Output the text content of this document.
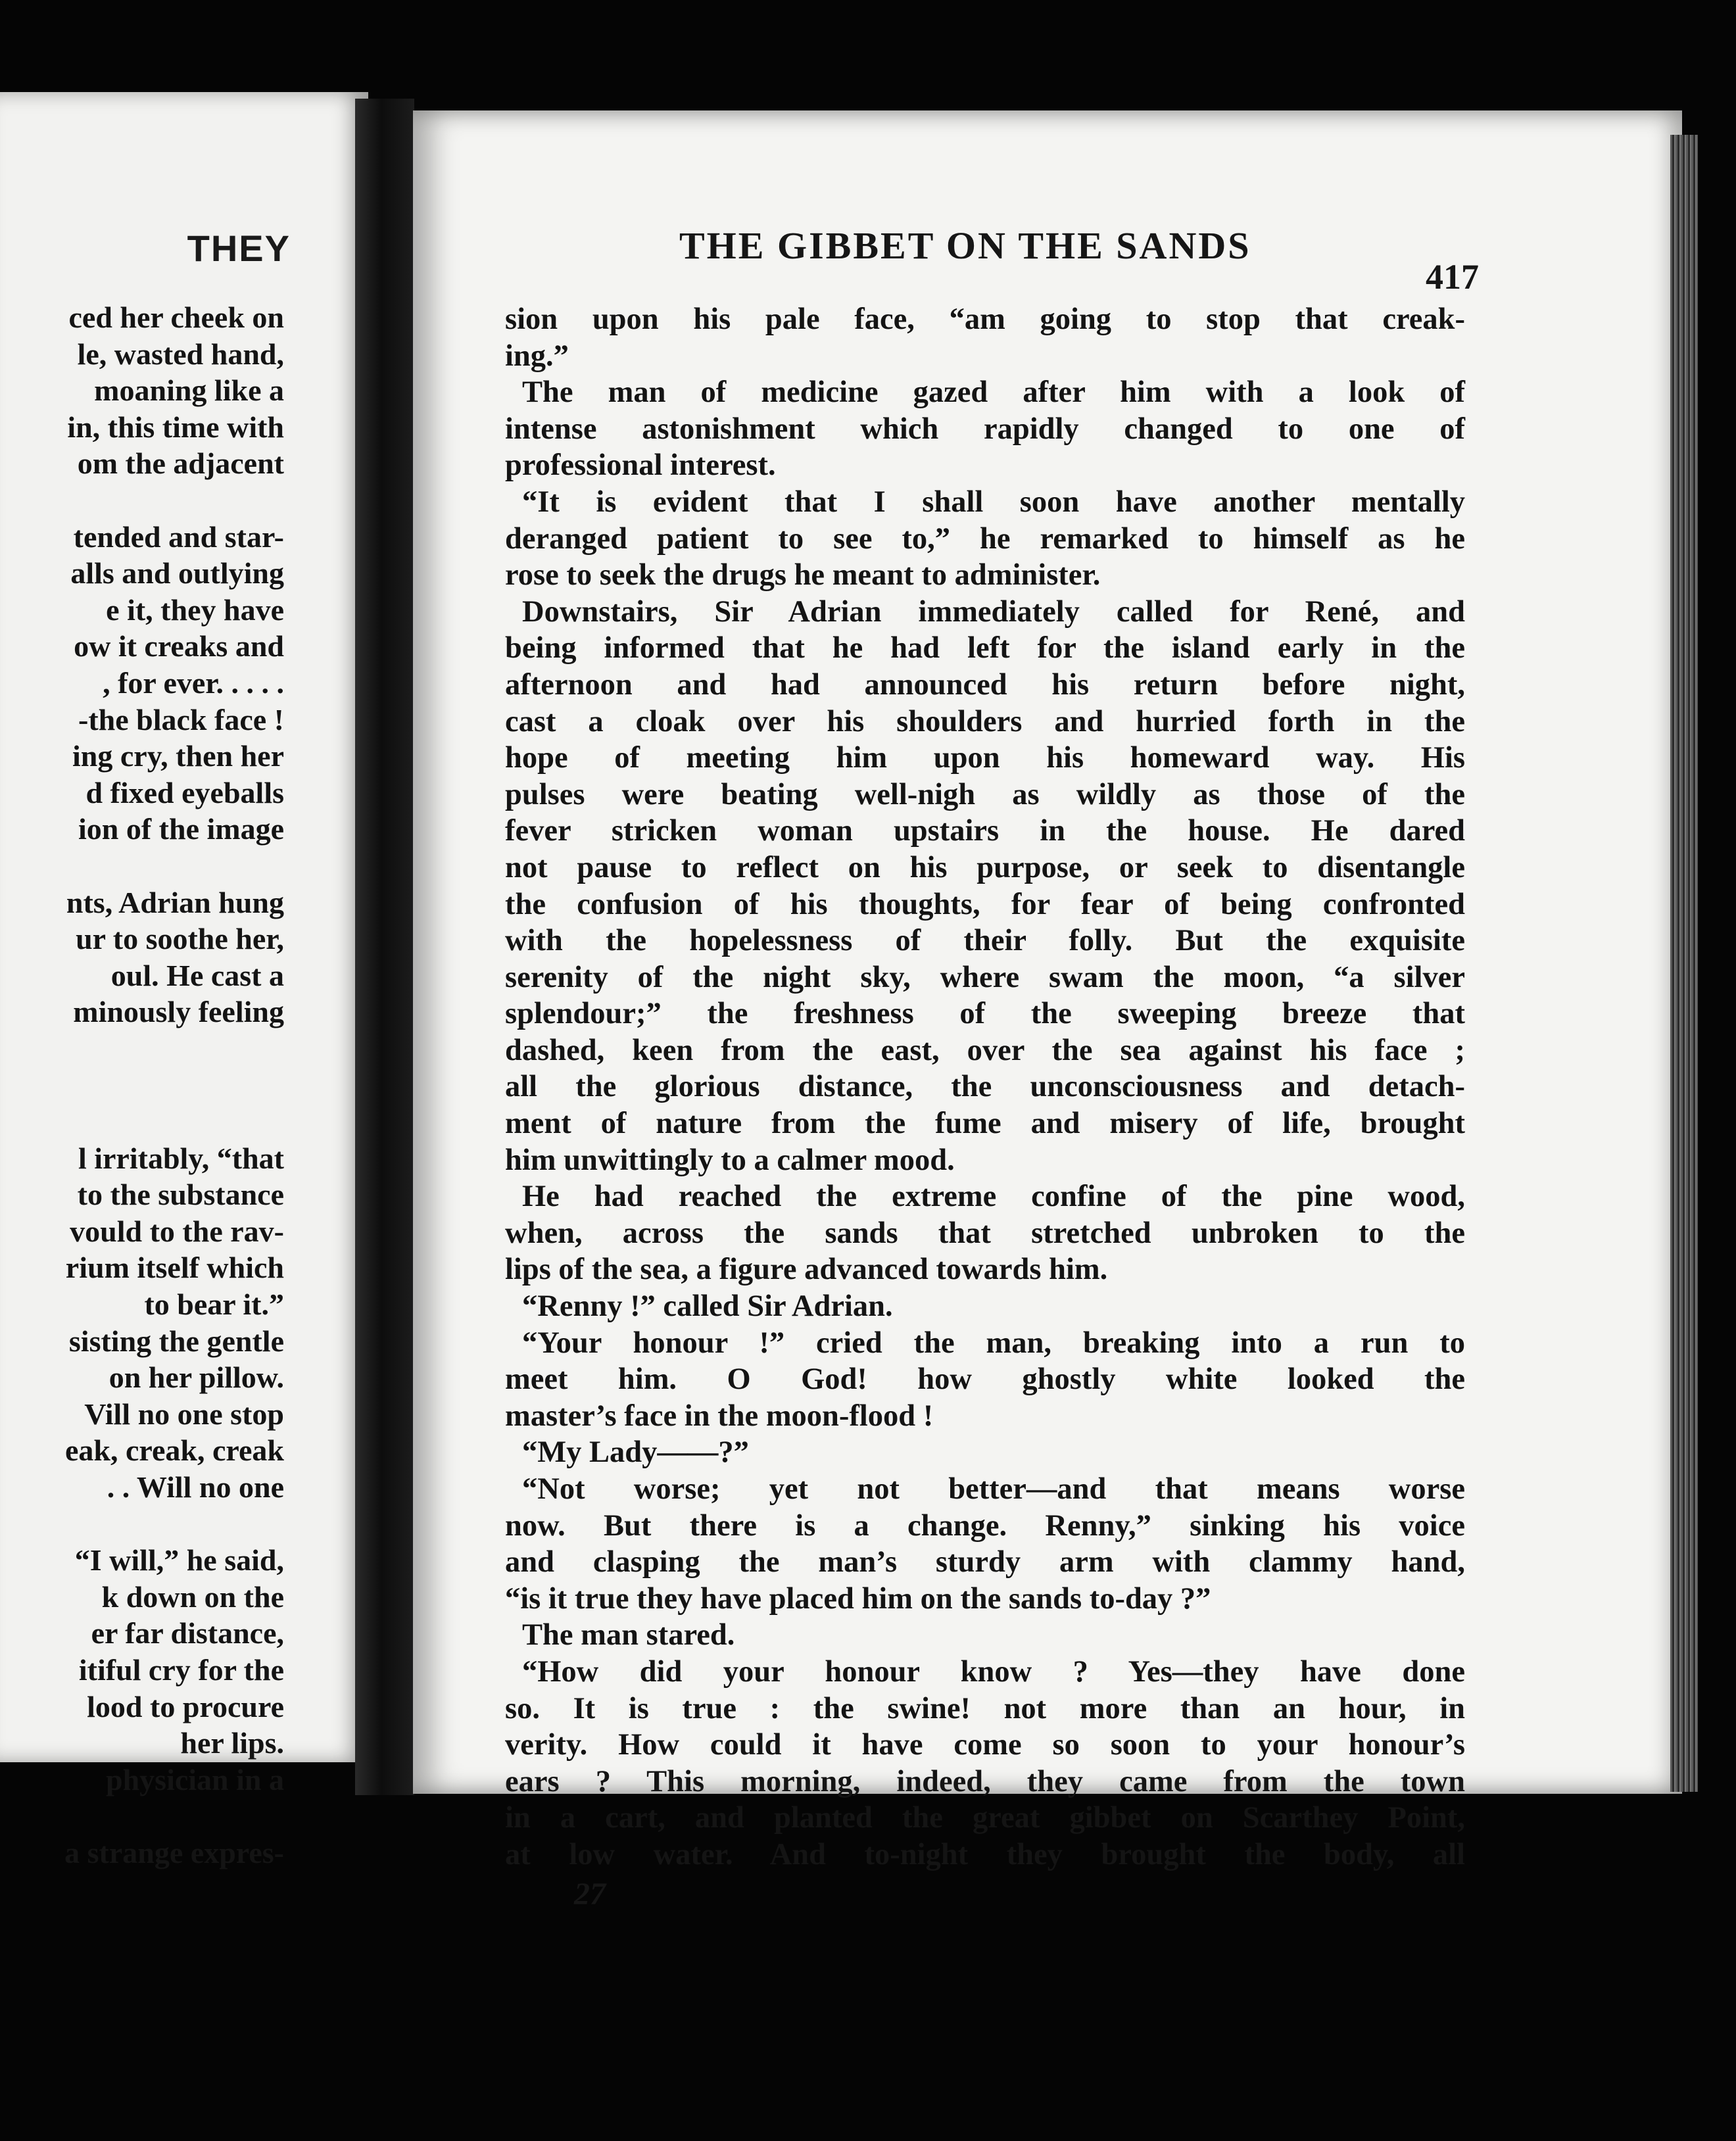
THEY
ced her cheek on
le, wasted hand,
moaning like a
in, this time with
om the adjacent
tended and star-
alls and outlying
e it, they have
ow it creaks and
, for ever. . . . .
-the black face !
ing cry, then her
d fixed eyeballs
ion of the image
nts, Adrian hung
ur to soothe her,
oul. He cast a
minously feeling
l irritably, “that
to the substance
vould to the rav-
rium itself which
to bear it.”
sisting the gentle
on her pillow.
Vill no one stop
eak, creak, creak
. . Will no one
“I will,” he said,
k down on the
er far distance,
itiful cry for the
lood to procure
her lips.
physician in a
a strange expres-
THE GIBBET ON THE SANDS
417
sion upon his pale face, “am going to stop that creak-
ing.”
The man of medicine gazed after him with a look of
intense astonishment which rapidly changed to one of
professional interest.
“It is evident that I shall soon have another mentally
deranged patient to see to,” he remarked to himself as he
rose to seek the drugs he meant to administer.
Downstairs, Sir Adrian immediately called for René, and
being informed that he had left for the island early in the
afternoon and had announced his return before night,
cast a cloak over his shoulders and hurried forth in the
hope of meeting him upon his homeward way. His
pulses were beating well-nigh as wildly as those of the
fever stricken woman upstairs in the house. He dared
not pause to reflect on his purpose, or seek to disentangle
the confusion of his thoughts, for fear of being confronted
with the hopelessness of their folly. But the exquisite
serenity of the night sky, where swam the moon, “a silver
splendour;” the freshness of the sweeping breeze that
dashed, keen from the east, over the sea against his face ;
all the glorious distance, the unconsciousness and detach-
ment of nature from the fume and misery of life, brought
him unwittingly to a calmer mood.
He had reached the extreme confine of the pine wood,
when, across the sands that stretched unbroken to the
lips of the sea, a figure advanced towards him.
“Renny !” called Sir Adrian.
“Your honour !” cried the man, breaking into a run to
meet him. O God! how ghostly white looked the
master’s face in the moon-flood !
“My Lady——?”
“Not worse; yet not better—and that means worse
now. But there is a change. Renny,” sinking his voice
and clasping the man’s sturdy arm with clammy hand,
“is it true they have placed him on the sands to-day ?”
The man stared.
“How did your honour know ? Yes—they have done
so. It is true : the swine! not more than an hour, in
verity. How could it have come so soon to your honour’s
ears ? This morning, indeed, they came from the town
in a cart, and planted the great gibbet on Scarthey Point,
at low water. And to-night they brought the body, all
27
